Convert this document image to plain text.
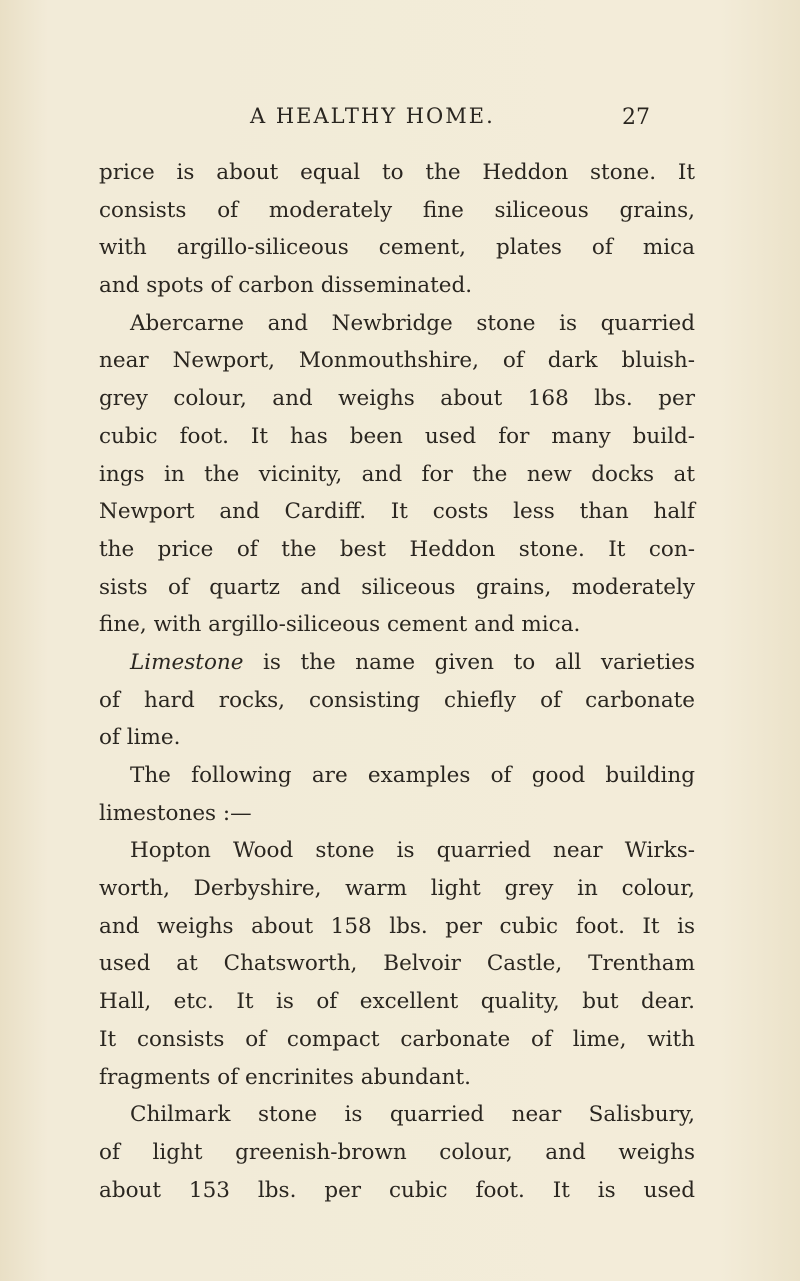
A HEALTHY HOME.	27
price is about equal to the Heddon stone. It
consists of moderately fine siliceous grains,
with argillo-siliceous cement, plates of mica
and spots of carbon disseminated.
Abercarne and Newbridge stone is quarried
near Newport, Monmouthshire, of dark bluish-
grey colour, and weighs about 168 lbs. per
cubic foot. It has been used for many build-
ings in the vicinity, and for the new docks at
Newport and Cardiff. It costs less than half
the price of the best Heddon stone. It con-
sists of quartz and siliceous grains, moderately
fine, with argillo-siliceous cement and mica.
Limestone is the name given to all varieties
of hard rocks, consisting chiefly of carbonate
of lime.
The following are examples of good building
limestones :—
Hopton Wood stone is quarried near Wirks-
worth, Derbyshire, warm light grey in colour,
and weighs about 158 lbs. per cubic foot. It is
used at Chatsworth, Belvoir Castle, Trentham
Hall, etc. It is of excellent quality, but dear.
It consists of compact carbonate of lime, with
fragments of encrinites abundant.
Chilmark stone is quarried near Salisbury,
of light greenish-brown colour, and weighs
about 153 lbs. per cubic foot. It is used
